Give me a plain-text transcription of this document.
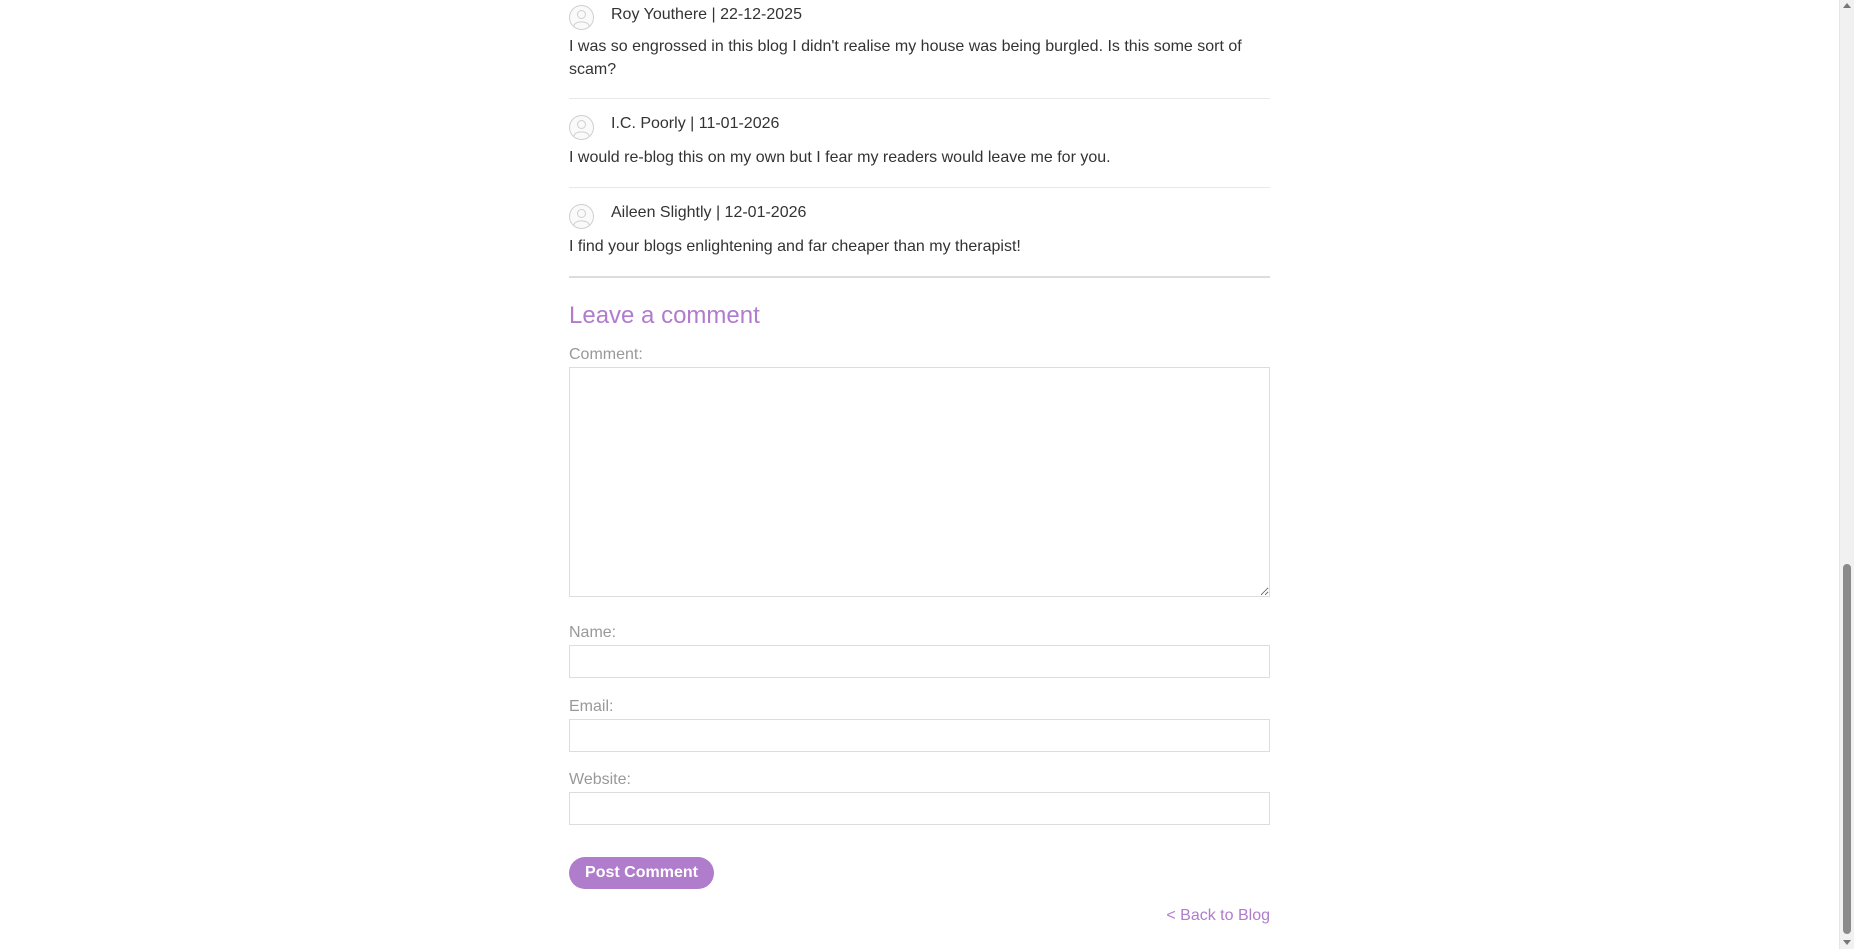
Roy Youthere | 22-12-2025

I was so engrossed in this blog I didn't realise my house was being burgled. Is this some sort of scam?

I.C. Poorly | 11-01-2026

I would re-blog this on my own but I fear my readers would leave me for you.

Aileen Slightly | 12-01-2026

I find your blogs enlightening and far cheaper than my therapist!

Leave a comment
Comment:
Name:
Email:
Website:
Post Comment
< Back to Blog
